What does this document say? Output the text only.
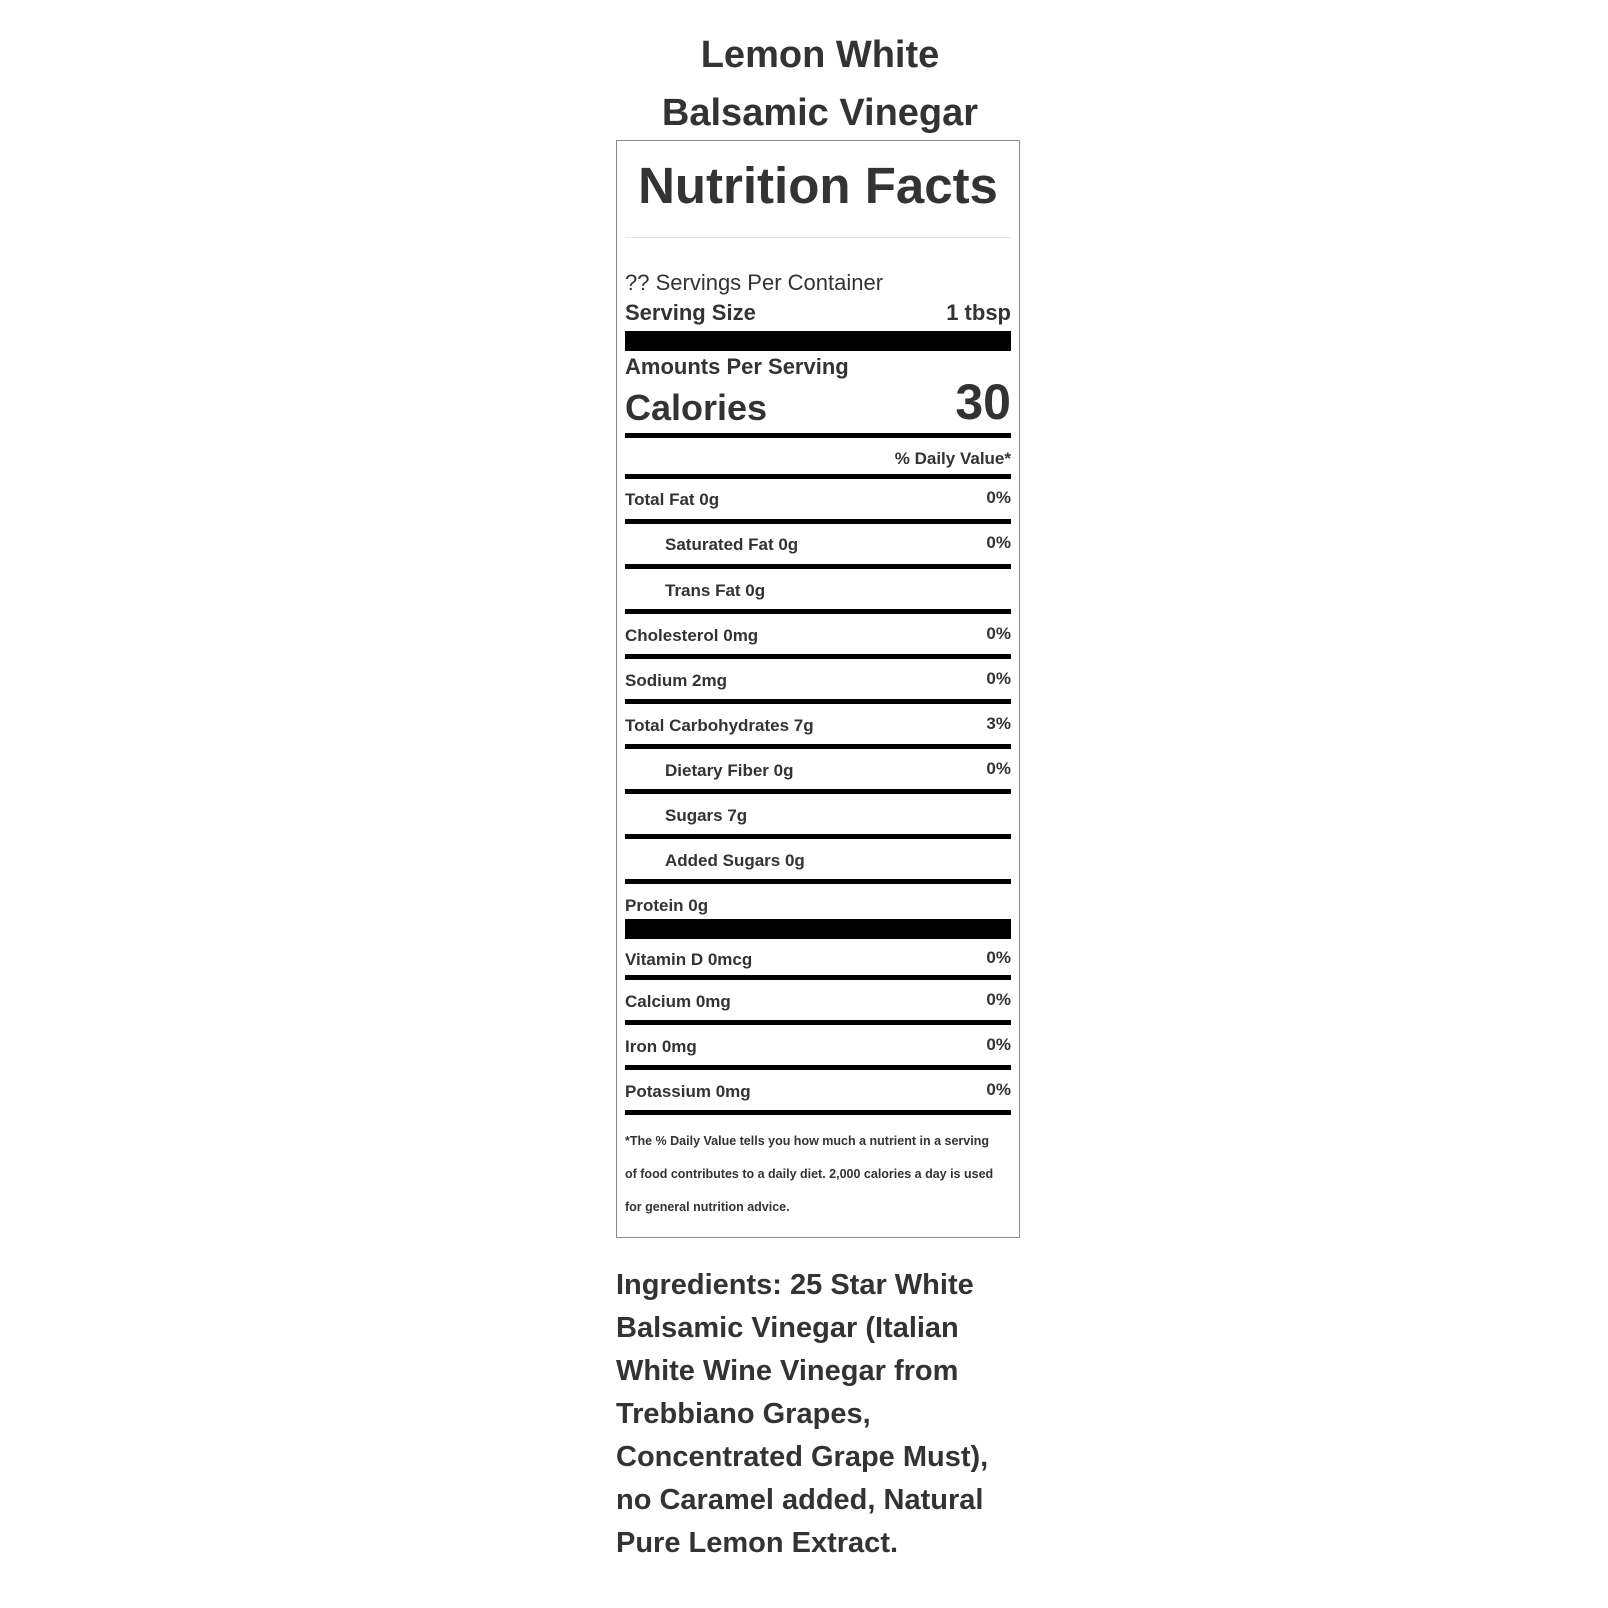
Lemon White
Balsamic Vinegar
Nutrition Facts
?? Servings Per Container
Serving Size	1 tbsp
Amounts Per Serving
Calories	30
% Daily Value*
Total Fat 0g	0%
Saturated Fat 0g	0%
Trans Fat 0g
Cholesterol 0mg	0%
Sodium 2mg	0%
Total Carbohydrates 7g	3%
Dietary Fiber 0g	0%
Sugars 7g
Added Sugars 0g
Protein 0g
Vitamin D 0mcg	0%
Calcium 0mg	0%
Iron 0mg	0%
Potassium 0mg	0%
*The % Daily Value tells you how much a nutrient in a serving
of food contributes to a daily diet. 2,000 calories a day is used
for general nutrition advice.
Ingredients: 25 Star White
Balsamic Vinegar (Italian
White Wine Vinegar from
Trebbiano Grapes,
Concentrated Grape Must),
no Caramel added, Natural
Pure Lemon Extract.
